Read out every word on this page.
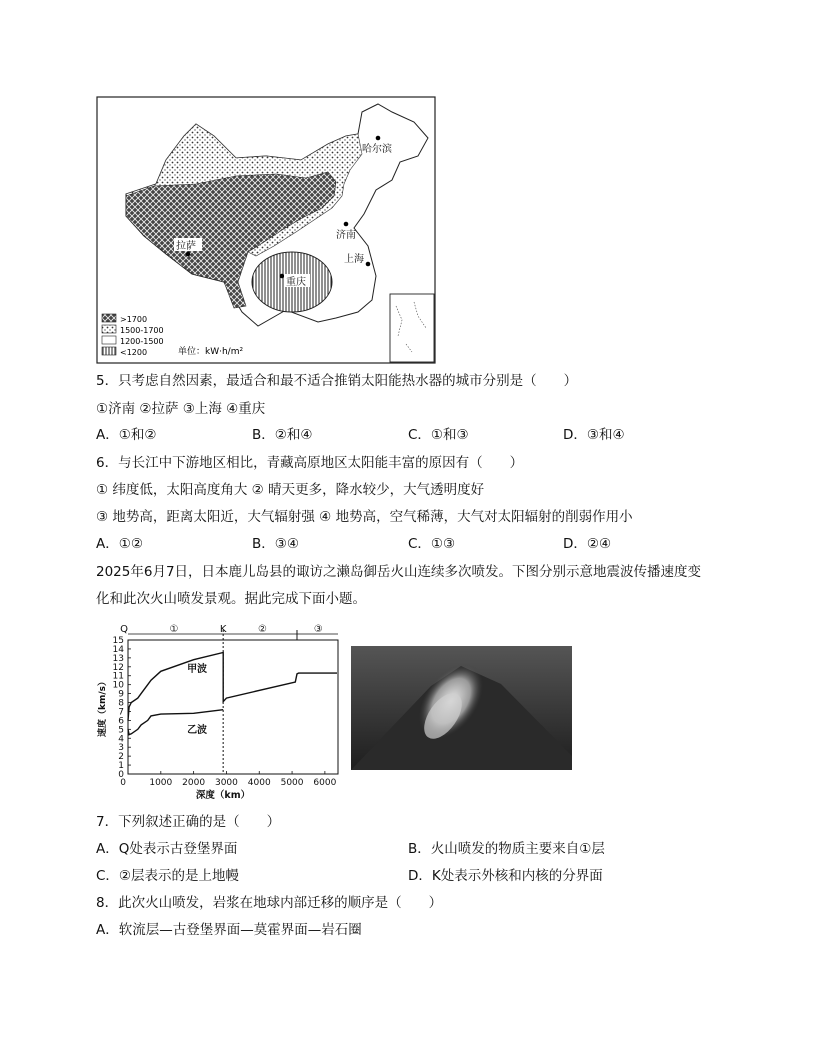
哈尔滨
拉萨
济南
上海
重庆
>1700
1500-1700
1200-1500
<1200	单位：kW·h/m²
5．只考虑自然因素，最适合和最不适合推销太阳能热水器的城市分别是（　　）
①济南 ②拉萨 ③上海 ④重庆
A．①和②	B．②和④	C．①和③	D．③和④
6．与长江中下游地区相比，青藏高原地区太阳能丰富的原因有（　　）
① 纬度低，太阳高度角大 ② 晴天更多，降水较少，大气透明度好
③ 地势高，距离太阳近，大气辐射强 ④ 地势高，空气稀薄，大气对太阳辐射的削弱作用小
A．①②	B．③④	C．①③	D．②④
2025年6月7日，日本鹿儿岛县的诹访之濑岛御岳火山连续多次喷发。下图分别示意地震波传播速度变
化和此次火山喷发景观。据此完成下面小题。
0
1
2
3
4
5
6
7
8
9
10
11
12
13
14
15
1000 2000 3000 4000 5000 6000
0
深度（km）
速度（km/s）
Q	①	K	②	③
甲波
乙波
7．下列叙述正确的是（　　）
A．Q处表示古登堡界面	B．火山喷发的物质主要来自①层
C．②层表示的是上地幔	D．K处表示外核和内核的分界面
8．此次火山喷发，岩浆在地球内部迁移的顺序是（　　）
A．软流层—古登堡界面—莫霍界面—岩石圈
